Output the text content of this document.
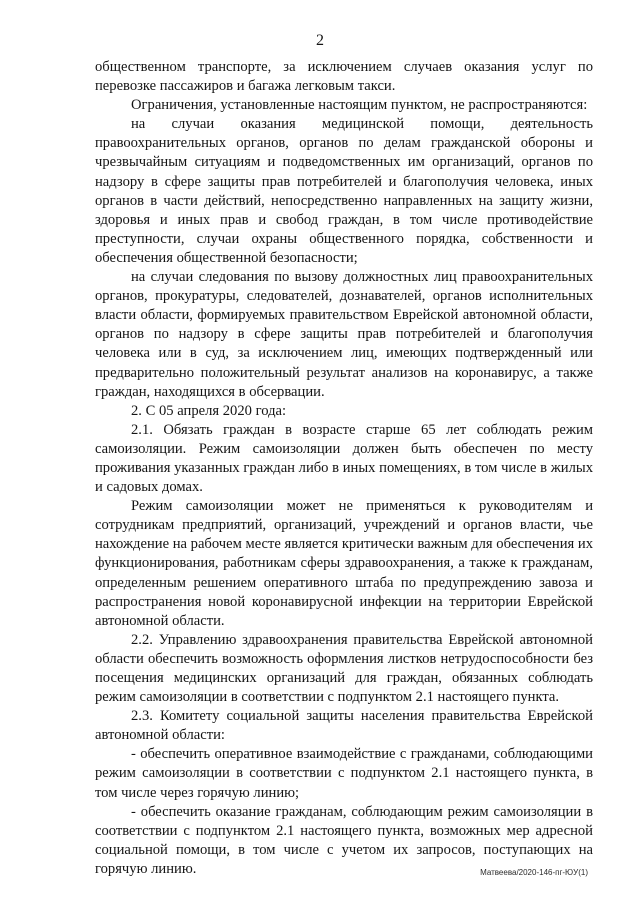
2

общественном транспорте, за исключением случаев оказания услуг по перевозке пассажиров и багажа легковым такси.

Ограничения, установленные настоящим пунктом, не распространяются:

на случаи оказания медицинской помощи, деятельность правоохранительных органов, органов по делам гражданской обороны и чрезвычайным ситуациям и подведомственных им организаций, органов по надзору в сфере защиты прав потребителей и благополучия человека, иных органов в части действий, непосредственно направленных на защиту жизни, здоровья и иных прав и свобод граждан, в том числе противодействие преступности, случаи охраны общественного порядка, собственности и обеспечения общественной безопасности;

на случаи следования по вызову должностных лиц правоохранительных органов, прокуратуры, следователей, дознавателей, органов исполнительных власти области, формируемых правительством Еврейской автономной области, органов по надзору в сфере защиты прав потребителей и благополучия человека или в суд, за исключением лиц, имеющих подтвержденный или предварительно положительный результат анализов на коронавирус, а также граждан, находящихся в обсервации.

2. С 05 апреля 2020 года:

2.1. Обязать граждан в возрасте старше 65 лет соблюдать режим самоизоляции. Режим самоизоляции должен быть обеспечен по месту проживания указанных граждан либо в иных помещениях, в том числе в жилых и садовых домах.

Режим самоизоляции может не применяться к руководителям и сотрудникам предприятий, организаций, учреждений и органов власти, чье нахождение на рабочем месте является критически важным для обеспечения их функционирования, работникам сферы здравоохранения, а также к гражданам, определенным решением оперативного штаба по предупреждению завоза и распространения новой коронавирусной инфекции на территории Еврейской автономной области.

2.2. Управлению здравоохранения правительства Еврейской автономной области обеспечить возможность оформления листков нетрудоспособности без посещения медицинских организаций для граждан, обязанных соблюдать режим самоизоляции в соответствии с подпунктом 2.1 настоящего пункта.

2.3. Комитету социальной защиты населения правительства Еврейской автономной области:

- обеспечить оперативное взаимодействие с гражданами, соблюдающими режим самоизоляции в соответствии с подпунктом 2.1 настоящего пункта, в том числе через горячую линию;

- обеспечить оказание гражданам, соблюдающим режим самоизоляции в соответствии с подпунктом 2.1 настоящего пункта, возможных мер адресной социальной помощи, в том числе с учетом их запросов, поступающих на горячую линию.	Матвеева/2020-146-пг-ЮУ(1)
